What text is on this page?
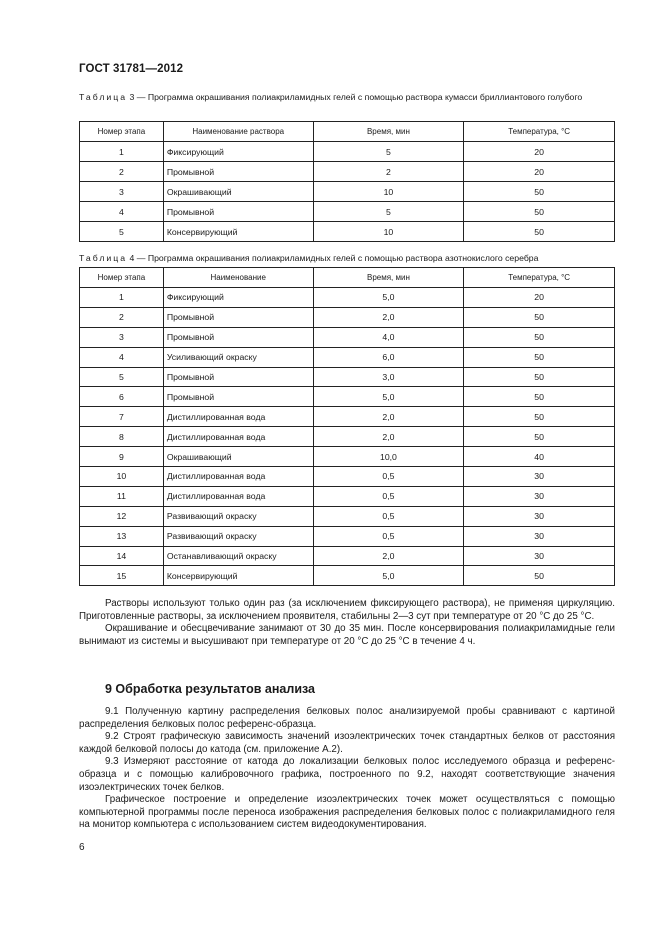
ГОСТ 31781—2012
Таблица 3 — Программа окрашивания полиакриламидных гелей с помощью раствора кумасси бриллиантового голубого
Номер этапа	Наименование раствора	Время, мин	Температура, °С
1	Фиксирующий	5	20
2	Промывной	2	20
3	Окрашивающий	10	50
4	Промывной	5	50
5	Консервирующий	10	50
Таблица 4 — Программа окрашивания полиакриламидных гелей с помощью раствора азотнокислого серебра
Номер этапа	Наименование	Время, мин	Температура, °С
1	Фиксирующий	5,0	20
2	Промывной	2,0	50
3	Промывной	4,0	50
4	Усиливающий окраску	6,0	50
5	Промывной	3,0	50
6	Промывной	5,0	50
7	Дистиллированная вода	2,0	50
8	Дистиллированная вода	2,0	50
9	Окрашивающий	10,0	40
10	Дистиллированная вода	0,5	30
11	Дистиллированная вода	0,5	30
12	Развивающий окраску	0,5	30
13	Развивающий окраску	0,5	30
14	Останавливающий окраску	2,0	30
15	Консервирующий	5,0	50

Растворы используют только один раз (за исключением фиксирующего раствора), не применяя циркуляцию. Приготовленные растворы, за исключением проявителя, стабильны 2—3 сут при температуре от 20 °С до 25 °С.

Окрашивание и обесцвечивание занимают от 30 до 35 мин. После консервирования полиакриламидные гели вынимают из системы и высушивают при температуре от 20 °С до 25 °С в течение 4 ч.

9 Обработка результатов анализа

9.1 Полученную картину распределения белковых полос анализируемой пробы сравнивают с картиной распределения белковых полос референс-образца.

9.2 Строят графическую зависимость значений изоэлектрических точек стандартных белков от расстояния каждой белковой полосы до катода (см. приложение А.2).

9.3 Измеряют расстояние от катода до локализации белковых полос исследуемого образца и референс-образца и с помощью калибровочного графика, построенного по 9.2, находят соответствующие значения изоэлектрических точек белков.

Графическое построение и определение изоэлектрических точек может осуществляться с помощью компьютерной программы после переноса изображения распределения белковых полос с полиакриламидного геля на монитор компьютера с использованием систем видеодокументирования.

6
